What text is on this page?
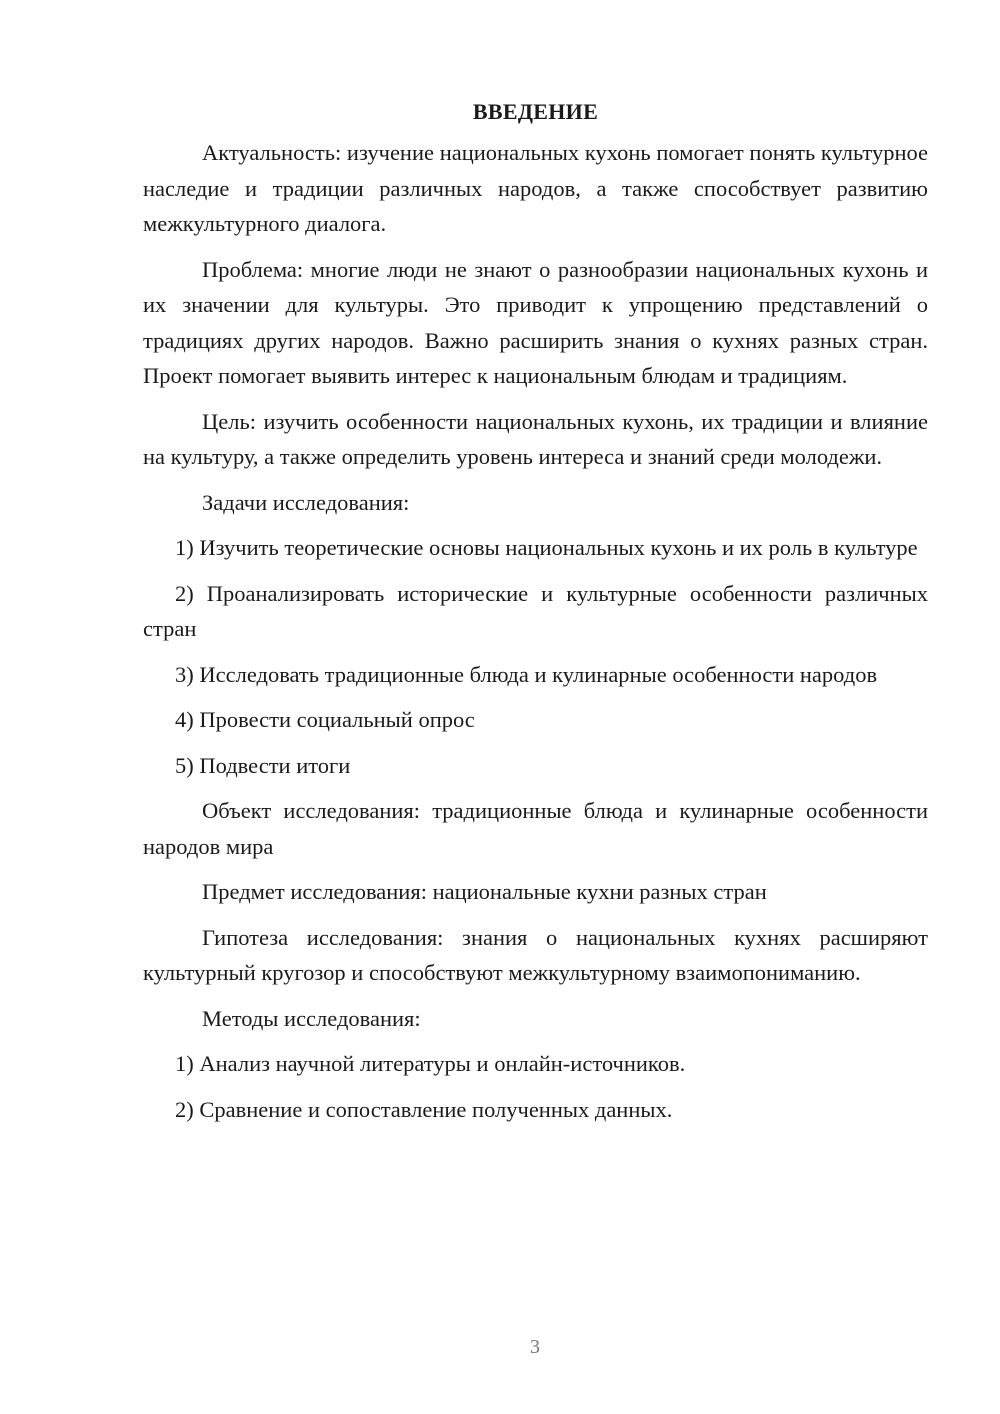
ВВЕДЕНИЕ

Актуальность: изучение национальных кухонь помогает понять культурное наследие и традиции различных народов, а также способствует развитию межкультурного диалога.

Проблема: многие люди не знают о разнообразии национальных кухонь и их значении для культуры. Это приводит к упрощению представлений о традициях других народов. Важно расширить знания о кухнях разных стран. Проект помогает выявить интерес к национальным блюдам и традициям.

Цель: изучить особенности национальных кухонь, их традиции и влияние на культуру, а также определить уровень интереса и знаний среди молодежи.

Задачи исследования:

1) Изучить теоретические основы национальных кухонь и их роль в культуре

2) Проанализировать исторические и культурные особенности различных стран

3) Исследовать традиционные блюда и кулинарные особенности народов

4) Провести социальный опрос

5) Подвести итоги

Объект исследования: традиционные блюда и кулинарные особенности народов мира

Предмет исследования: национальные кухни разных стран

Гипотеза исследования: знания о национальных кухнях расширяют культурный кругозор и способствуют межкультурному взаимопониманию.

Методы исследования:

1) Анализ научной литературы и онлайн-источников.

2) Сравнение и сопоставление полученных данных.

3
